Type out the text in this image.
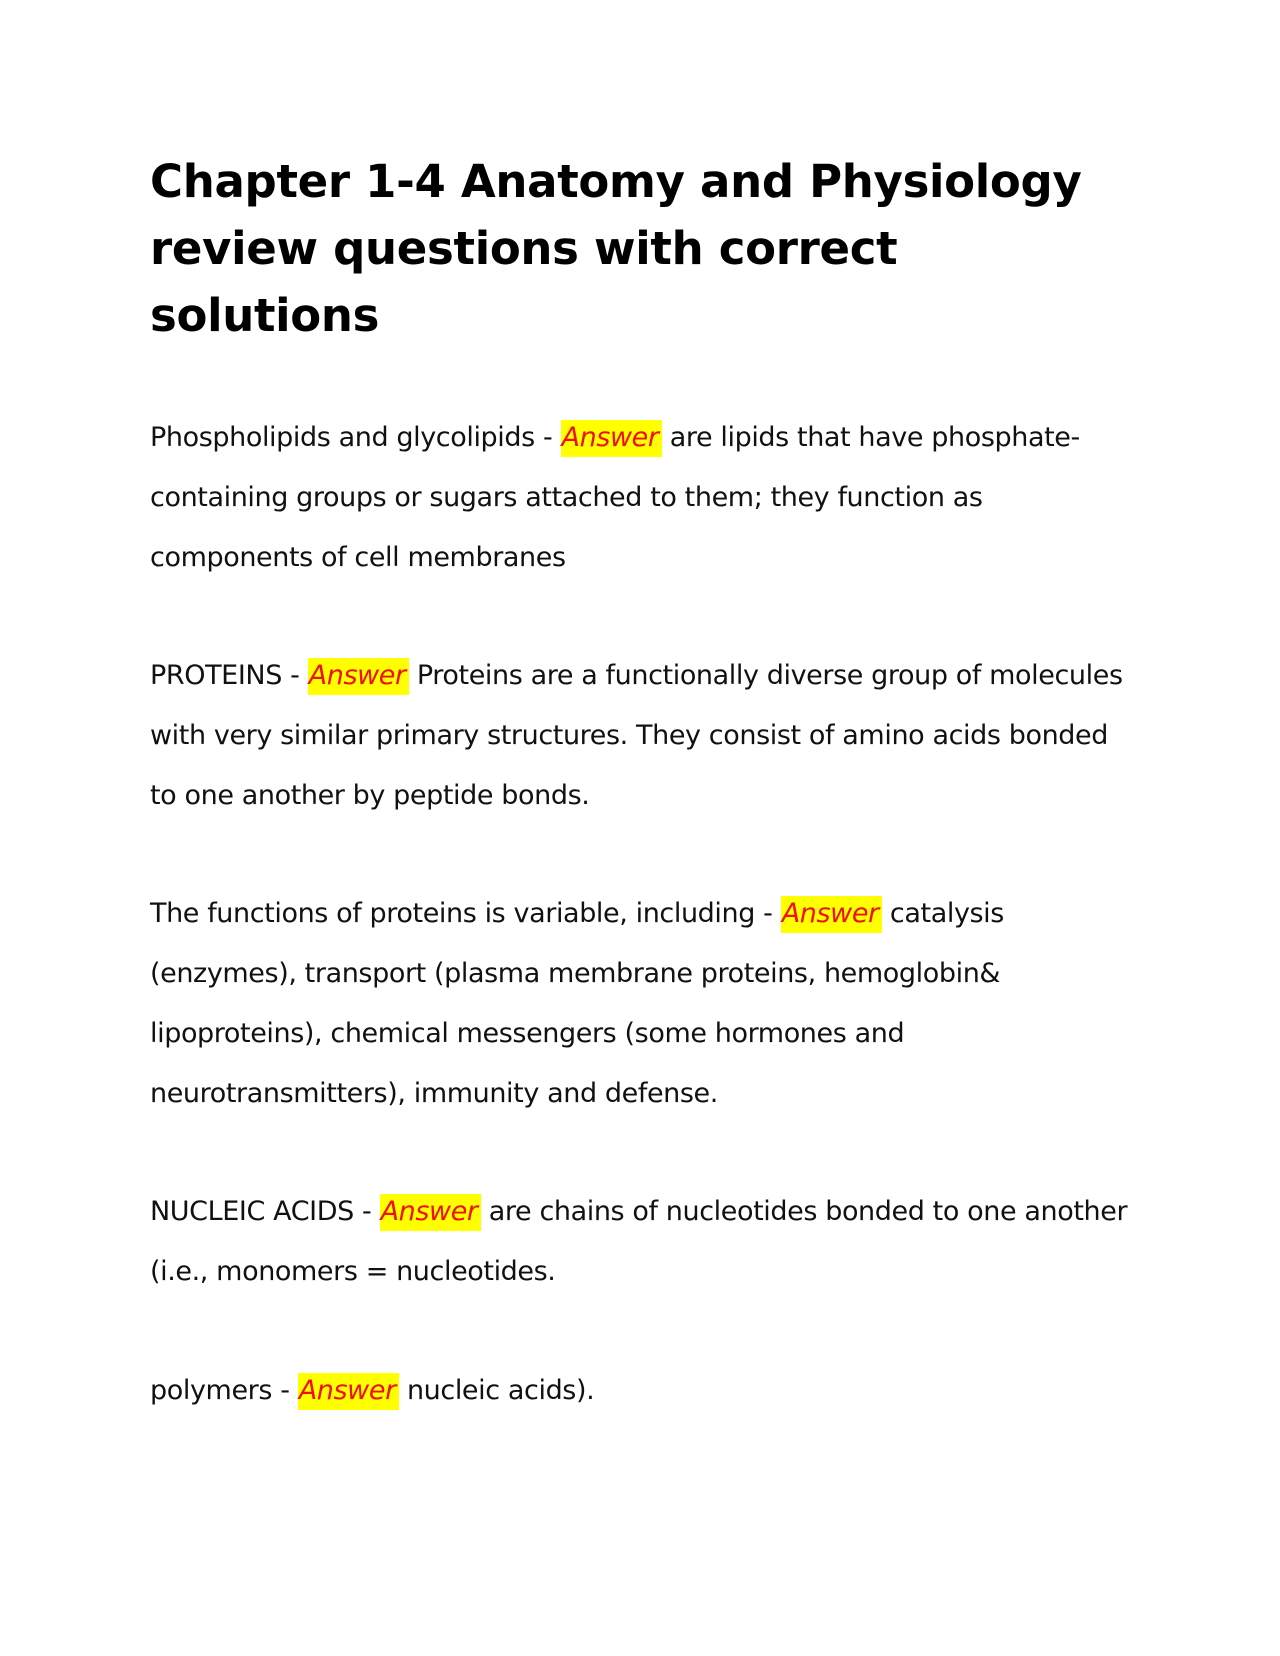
Chapter 1-4 Anatomy and Physiology review questions with correct solutions

Phospholipids and glycolipids - Answer are lipids that have phosphate-containing groups or sugars attached to them; they function as components of cell membranes

PROTEINS - Answer Proteins are a functionally diverse group of molecules with very similar primary structures. They consist of amino acids bonded to one another by peptide bonds.

The functions of proteins is variable, including - Answer catalysis (enzymes), transport (plasma membrane proteins, hemoglobin& lipoproteins), chemical messengers (some hormones and neurotransmitters), immunity and defense.

NUCLEIC ACIDS - Answer are chains of nucleotides bonded to one another (i.e., monomers = nucleotides.

polymers - Answer nucleic acids).
